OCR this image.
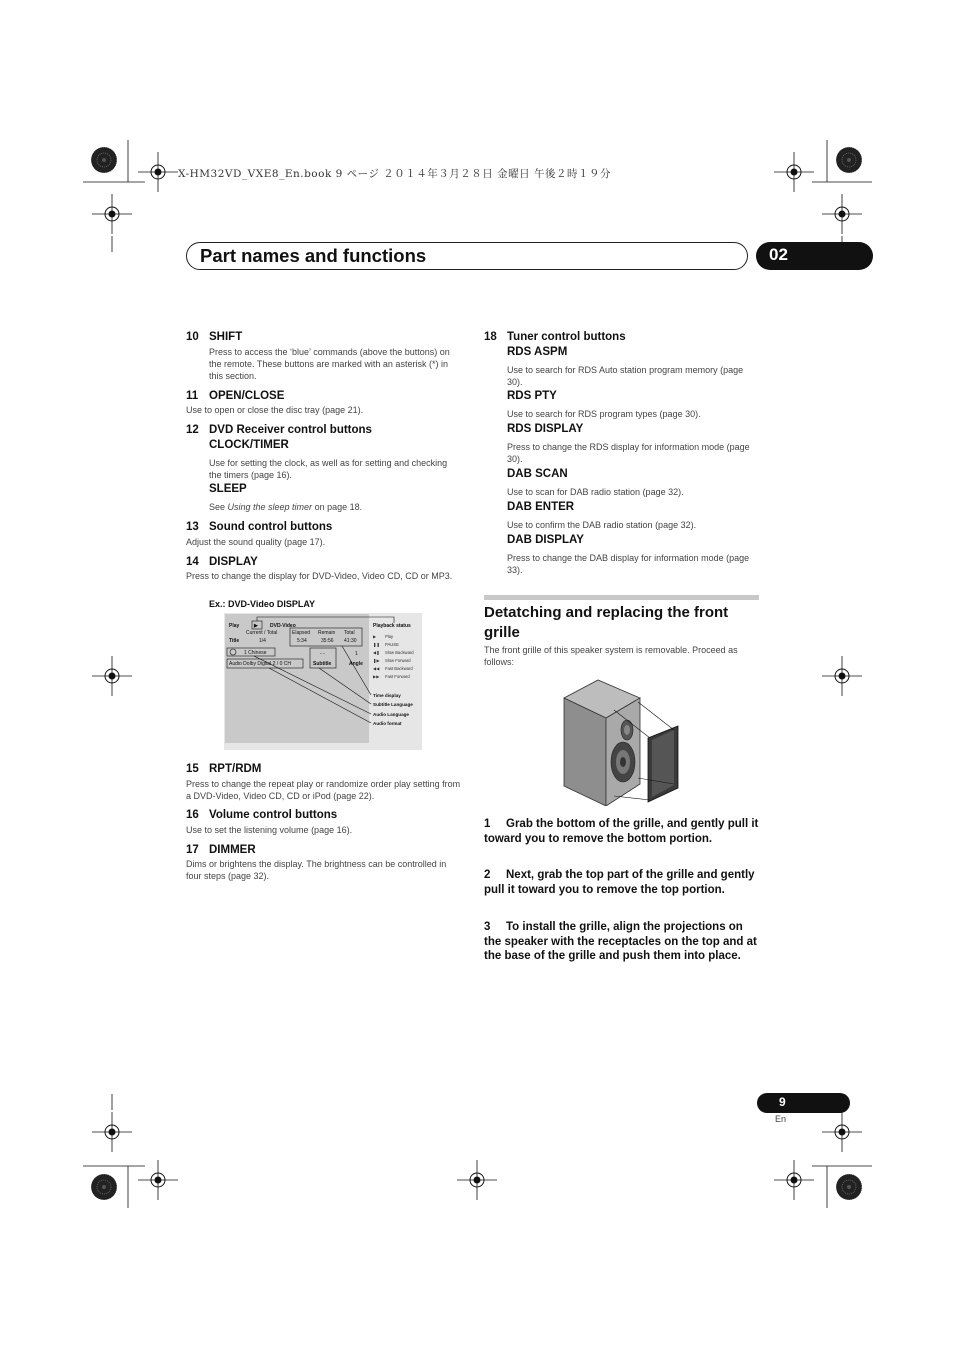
X-HM32VD_VXE8_En.book 9 ページ ２０１４年３月２８日 金曜日 午後２時１９分
Part names and functions	02
10 SHIFT
Press to access the ‘blue’ commands (above the buttons) on the remote. These buttons are marked with an asterisk (*) in this section.
11 OPEN/CLOSE
Use to open or close the disc tray (page 21).
12 DVD Receiver control buttons
CLOCK/TIMER
Use for setting the clock, as well as for setting and checking the timers (page 16).
SLEEP
See Using the sleep timer on page 18.
13 Sound control buttons
Adjust the sound quality (page 17).
14 DISPLAY
Press to change the display for DVD-Video, Video CD, CD or MP3.
Ex.: DVD-Video DISPLAY
Play	▶ DVD-Video
Current / Total
Title	1/4
Elapsed Remain Total
5:34	35:56 41:30
1 Chinese	- -
Subtitle
1
Angle
Audio Dolby Digital 2 / 0 CH
Playback status
▶ Play
❚❚ PAUSE
◀❚ Slow Backward
❚▶ Slow Forward
◀◀ Fast Backward
▶▶ Fast Forward
Time display
Subtitle Language
Audio Language
Audio format
15 RPT/RDM
Press to change the repeat play or randomize order play setting from a DVD-Video, Video CD, CD or iPod (page 22).
16 Volume control buttons
Use to set the listening volume (page 16).
17 DIMMER
Dims or brightens the display. The brightness can be controlled in four steps (page 32).
18 Tuner control buttons
RDS ASPM
Use to search for RDS Auto station program memory (page 30).
RDS PTY
Use to search for RDS program types (page 30).
RDS DISPLAY
Press to change the RDS display for information mode (page 30).
DAB SCAN
Use to scan for DAB radio station (page 32).
DAB ENTER
Use to confirm the DAB radio station (page 32).
DAB DISPLAY
Press to change the DAB display for information mode (page 33).
Detatching and replacing the front grille
The front grille of this speaker system is removable. Proceed as follows:
1 Grab the bottom of the grille, and gently pull it toward you to remove the bottom portion.
2 Next, grab the top part of the grille and gently pull it toward you to remove the top portion.
3 To install the grille, align the projections on the speaker with the receptacles on the top and at the base of the grille and push them into place.
9
En
